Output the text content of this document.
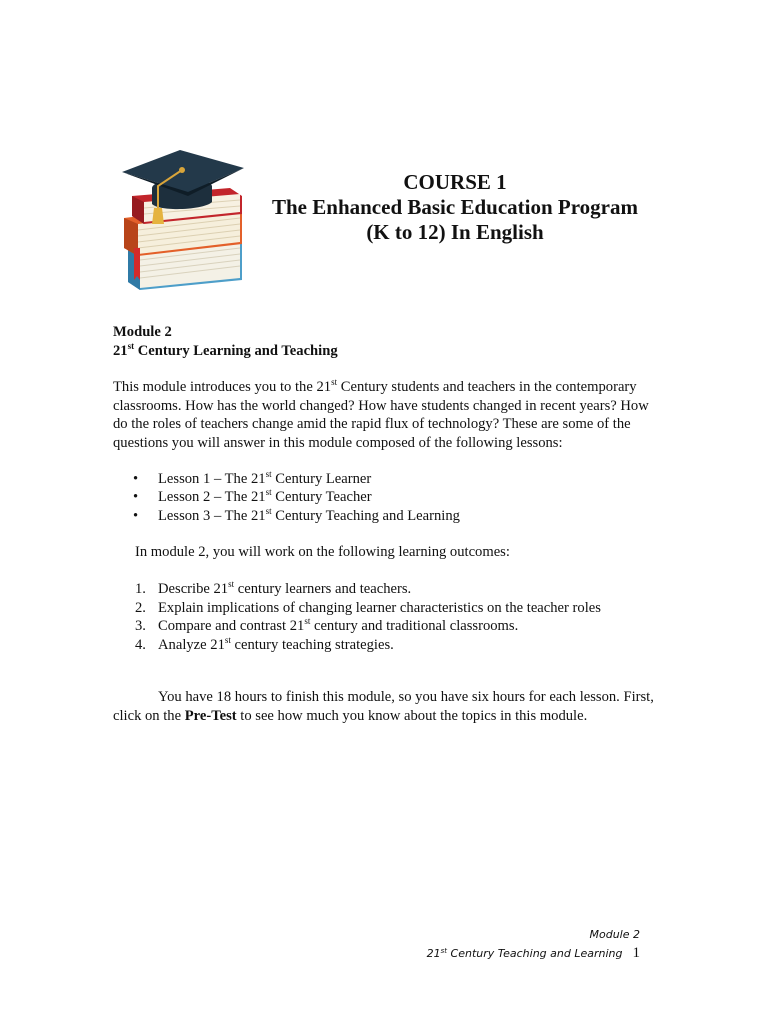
COURSE 1
The Enhanced Basic Education Program
(K to 12) In English

Module 2

21st Century Learning and Teaching

This module introduces you to the 21st Century students and teachers in the contemporary classrooms. How has the world changed? How have students changed in recent years? How do the roles of teachers change amid the rapid flux of technology? These are some of the questions you will answer in this module composed of the following lessons:

• Lesson 1 – The 21st Century Learner
• Lesson 2 – The 21st Century Teacher
• Lesson 3 – The 21st Century Teaching and Learning

In module 2, you will work on the following learning outcomes:

1. Describe 21st century learners and teachers.
2. Explain implications of changing learner characteristics on the teacher roles
3. Compare and contrast 21st century and traditional classrooms.
4. Analyze 21st century teaching strategies.

You have 18 hours to finish this module, so you have six hours for each lesson. First, click on the Pre-Test to see how much you know about the topics in this module.

Module 2
21st Century Teaching and Learning 1
